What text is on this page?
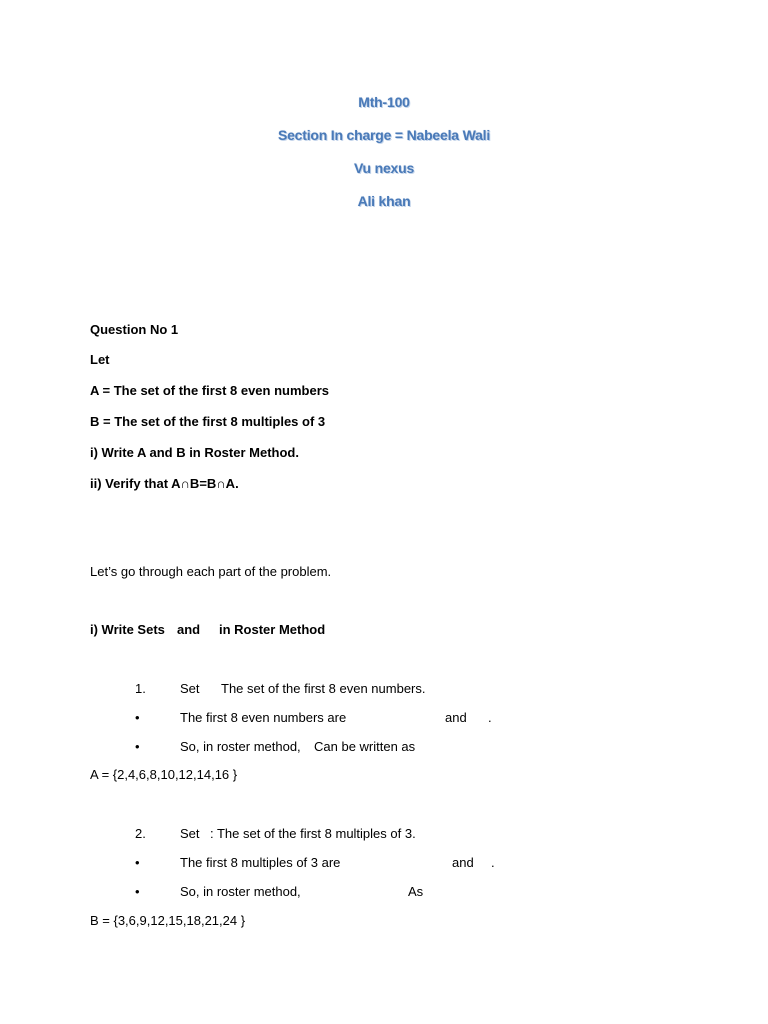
Mth-100
Section In charge = Nabeela Wali
Vu nexus
Ali khan
Question No 1
Let
A = The set of the first 8 even numbers
B = The set of the first 8 multiples of 3
i) Write A and B in Roster Method.
ii) Verify that A∩B=B∩A.
Let’s go through each part of the problem.
i) Write Sets and in Roster Method
1.	Set The set of the first 8 even numbers.
•	The first 8 even numbers are	and .
•	So, in roster method, Can be written as
A = {2,4,6,8,10,12,14,16 }
2.	Set : The set of the first 8 multiples of 3.
•	The first 8 multiples of 3 are	and .
•	So, in roster method,	As
B = {3,6,9,12,15,18,21,24 }
